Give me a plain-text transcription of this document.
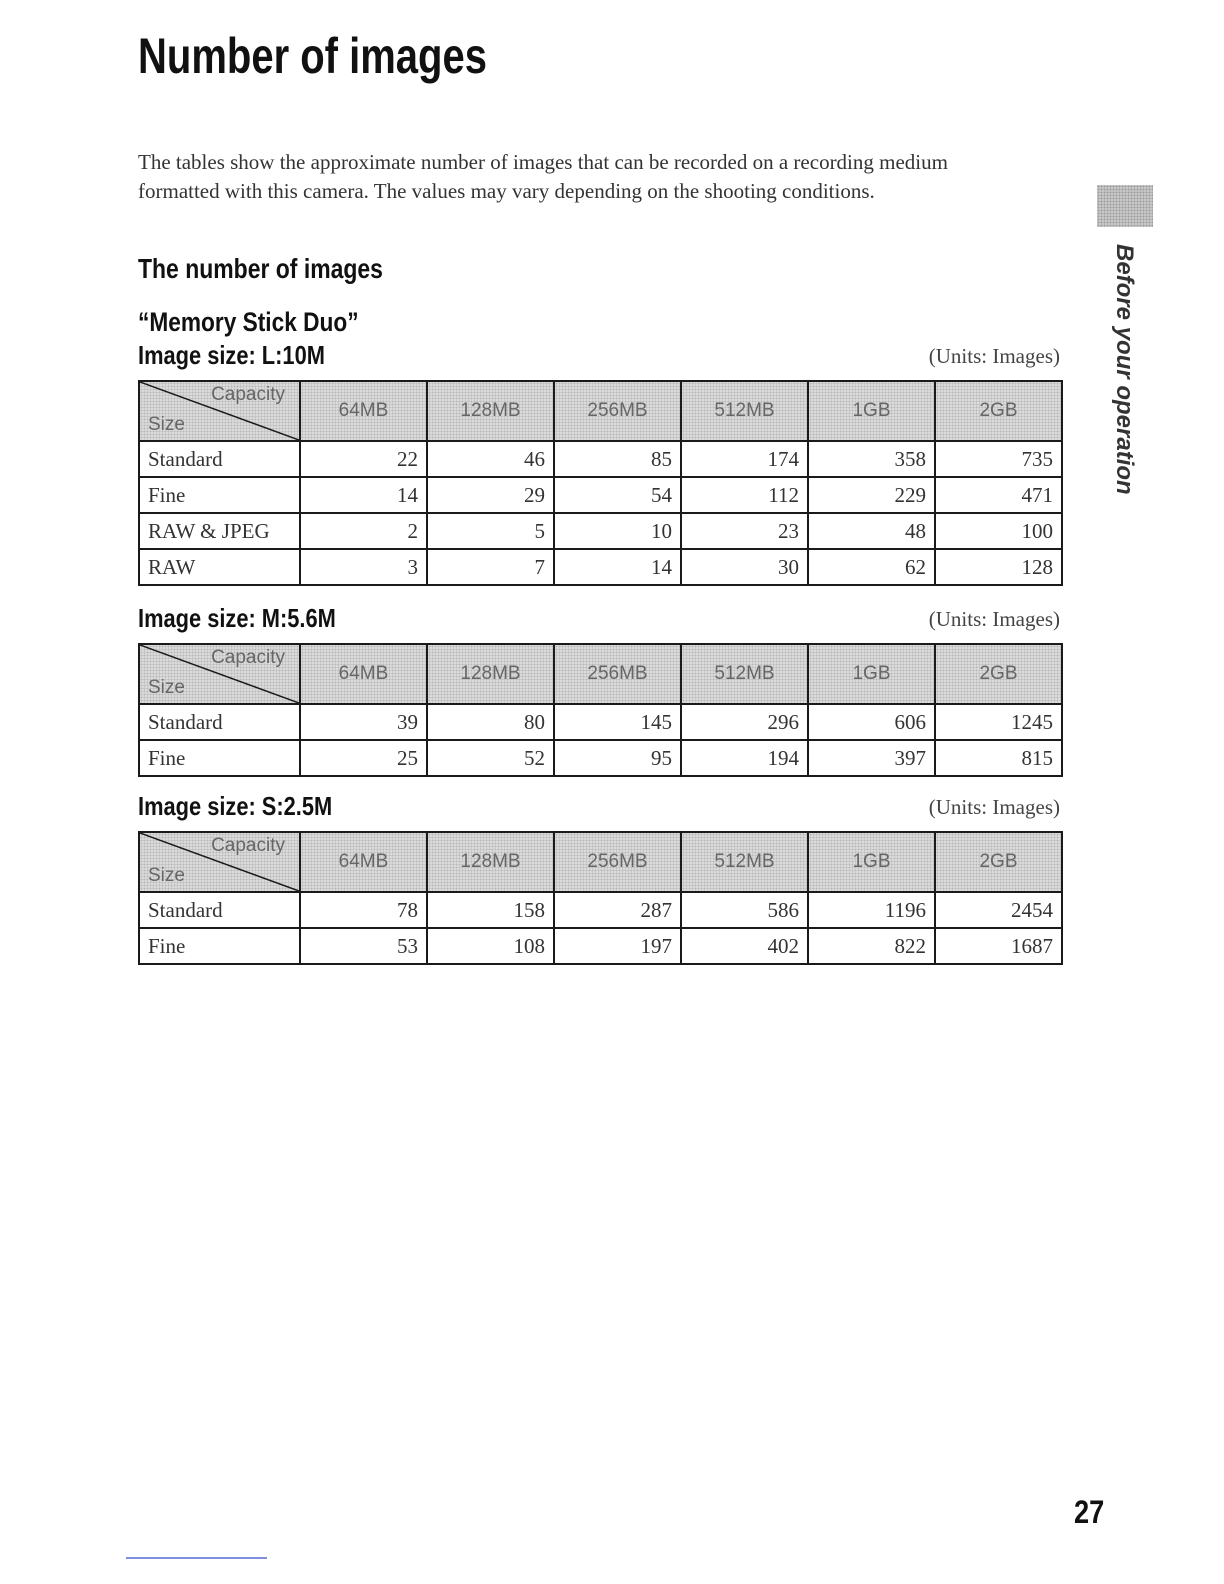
Number of images

The tables show the approximate number of images that can be recorded on a recording medium formatted with this camera. The values may vary depending on the shooting conditions.

The number of images
“Memory Stick Duo”
Image size: L:10M	(Units: Images)
Capacity
Size	64MB	128MB	256MB	512MB	1GB	2GB
Standard	22	46	85	174	358	735
Fine	14	29	54	112	229	471
RAW & JPEG	2	5	10	23	48	100
RAW	3	7	14	30	62	128
Image size: M:5.6M	(Units: Images)
Capacity
Size	64MB	128MB	256MB	512MB	1GB	2GB
Standard	39	80	145	296	606	1245
Fine	25	52	95	194	397	815
Image size: S:2.5M	(Units: Images)
Capacity
Size	64MB	128MB	256MB	512MB	1GB	2GB
Standard	78	158	287	586	1196	2454
Fine	53	108	197	402	822	1687
Before your operation
27
